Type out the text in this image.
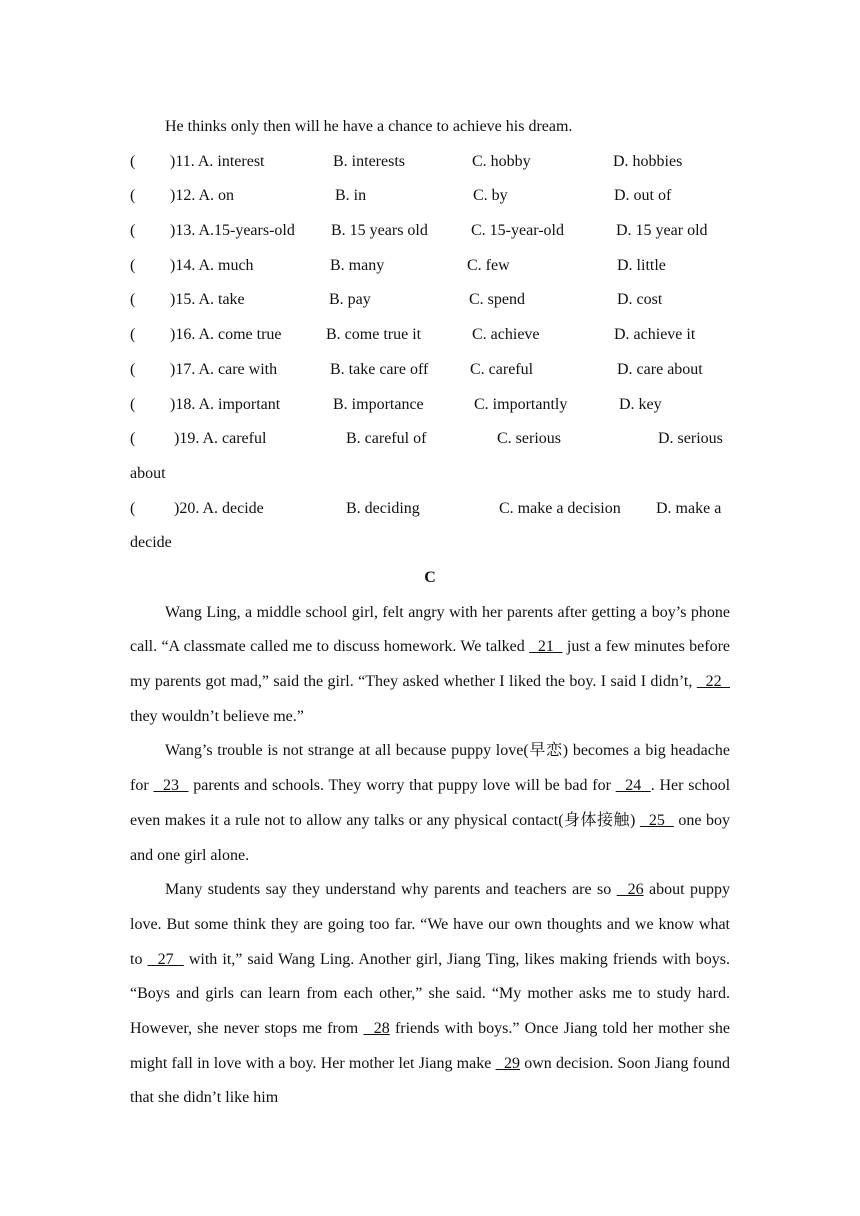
He thinks only then will he have a chance to achieve his dream.

( )11. A. interest	B. interests	C. hobby	D. hobbies
( )12. A. on	B. in	C. by	D. out of
( )13. A.15-years-old B. 15 years old	C. 15-year-old	D. 15 year old
( )14. A. much	B. many	C. few	D. little
( )15. A. take	B. pay	C. spend	D. cost
( )16. A. come true	B. come true it	C. achieve	D. achieve it
( )17. A. care with	B. take care off	C. careful	D. care about
( )18. A. important	B. importance	C. importantly	D. key
( )19. A. careful	B. careful of	C. serious	D. serious
about
( )20. A. decide	B. deciding	C. make a decision D. make a
decide
C

Wang Ling, a middle school girl, felt angry with her parents after getting a boy’s phone call. “A classmate called me to discuss homework. We talked   21   just a few minutes before my parents got mad,” said the girl. “They asked whether I liked the boy. I said I didn’t,   22   they wouldn’t believe me.”

Wang’s trouble is not strange at all because puppy love(早恋) becomes a big headache for   23   parents and schools. They worry that puppy love will be bad for   24  . Her school even makes it a rule not to allow any talks or any physical contact(身体接触)   25   one boy and one girl alone.

Many students say they understand why parents and teachers are so   26 about puppy love. But some think they are going too far. “We have our own thoughts and we know what to   27   with it,” said Wang Ling. Another girl, Jiang Ting, likes making friends with boys. “Boys and girls can learn from each other,” she said. “My mother asks me to study hard. However, she never stops me from   28 friends with boys.” Once Jiang told her mother she might fall in love with a boy. Her mother let Jiang make   29 own decision. Soon Jiang found that she didn’t like him
